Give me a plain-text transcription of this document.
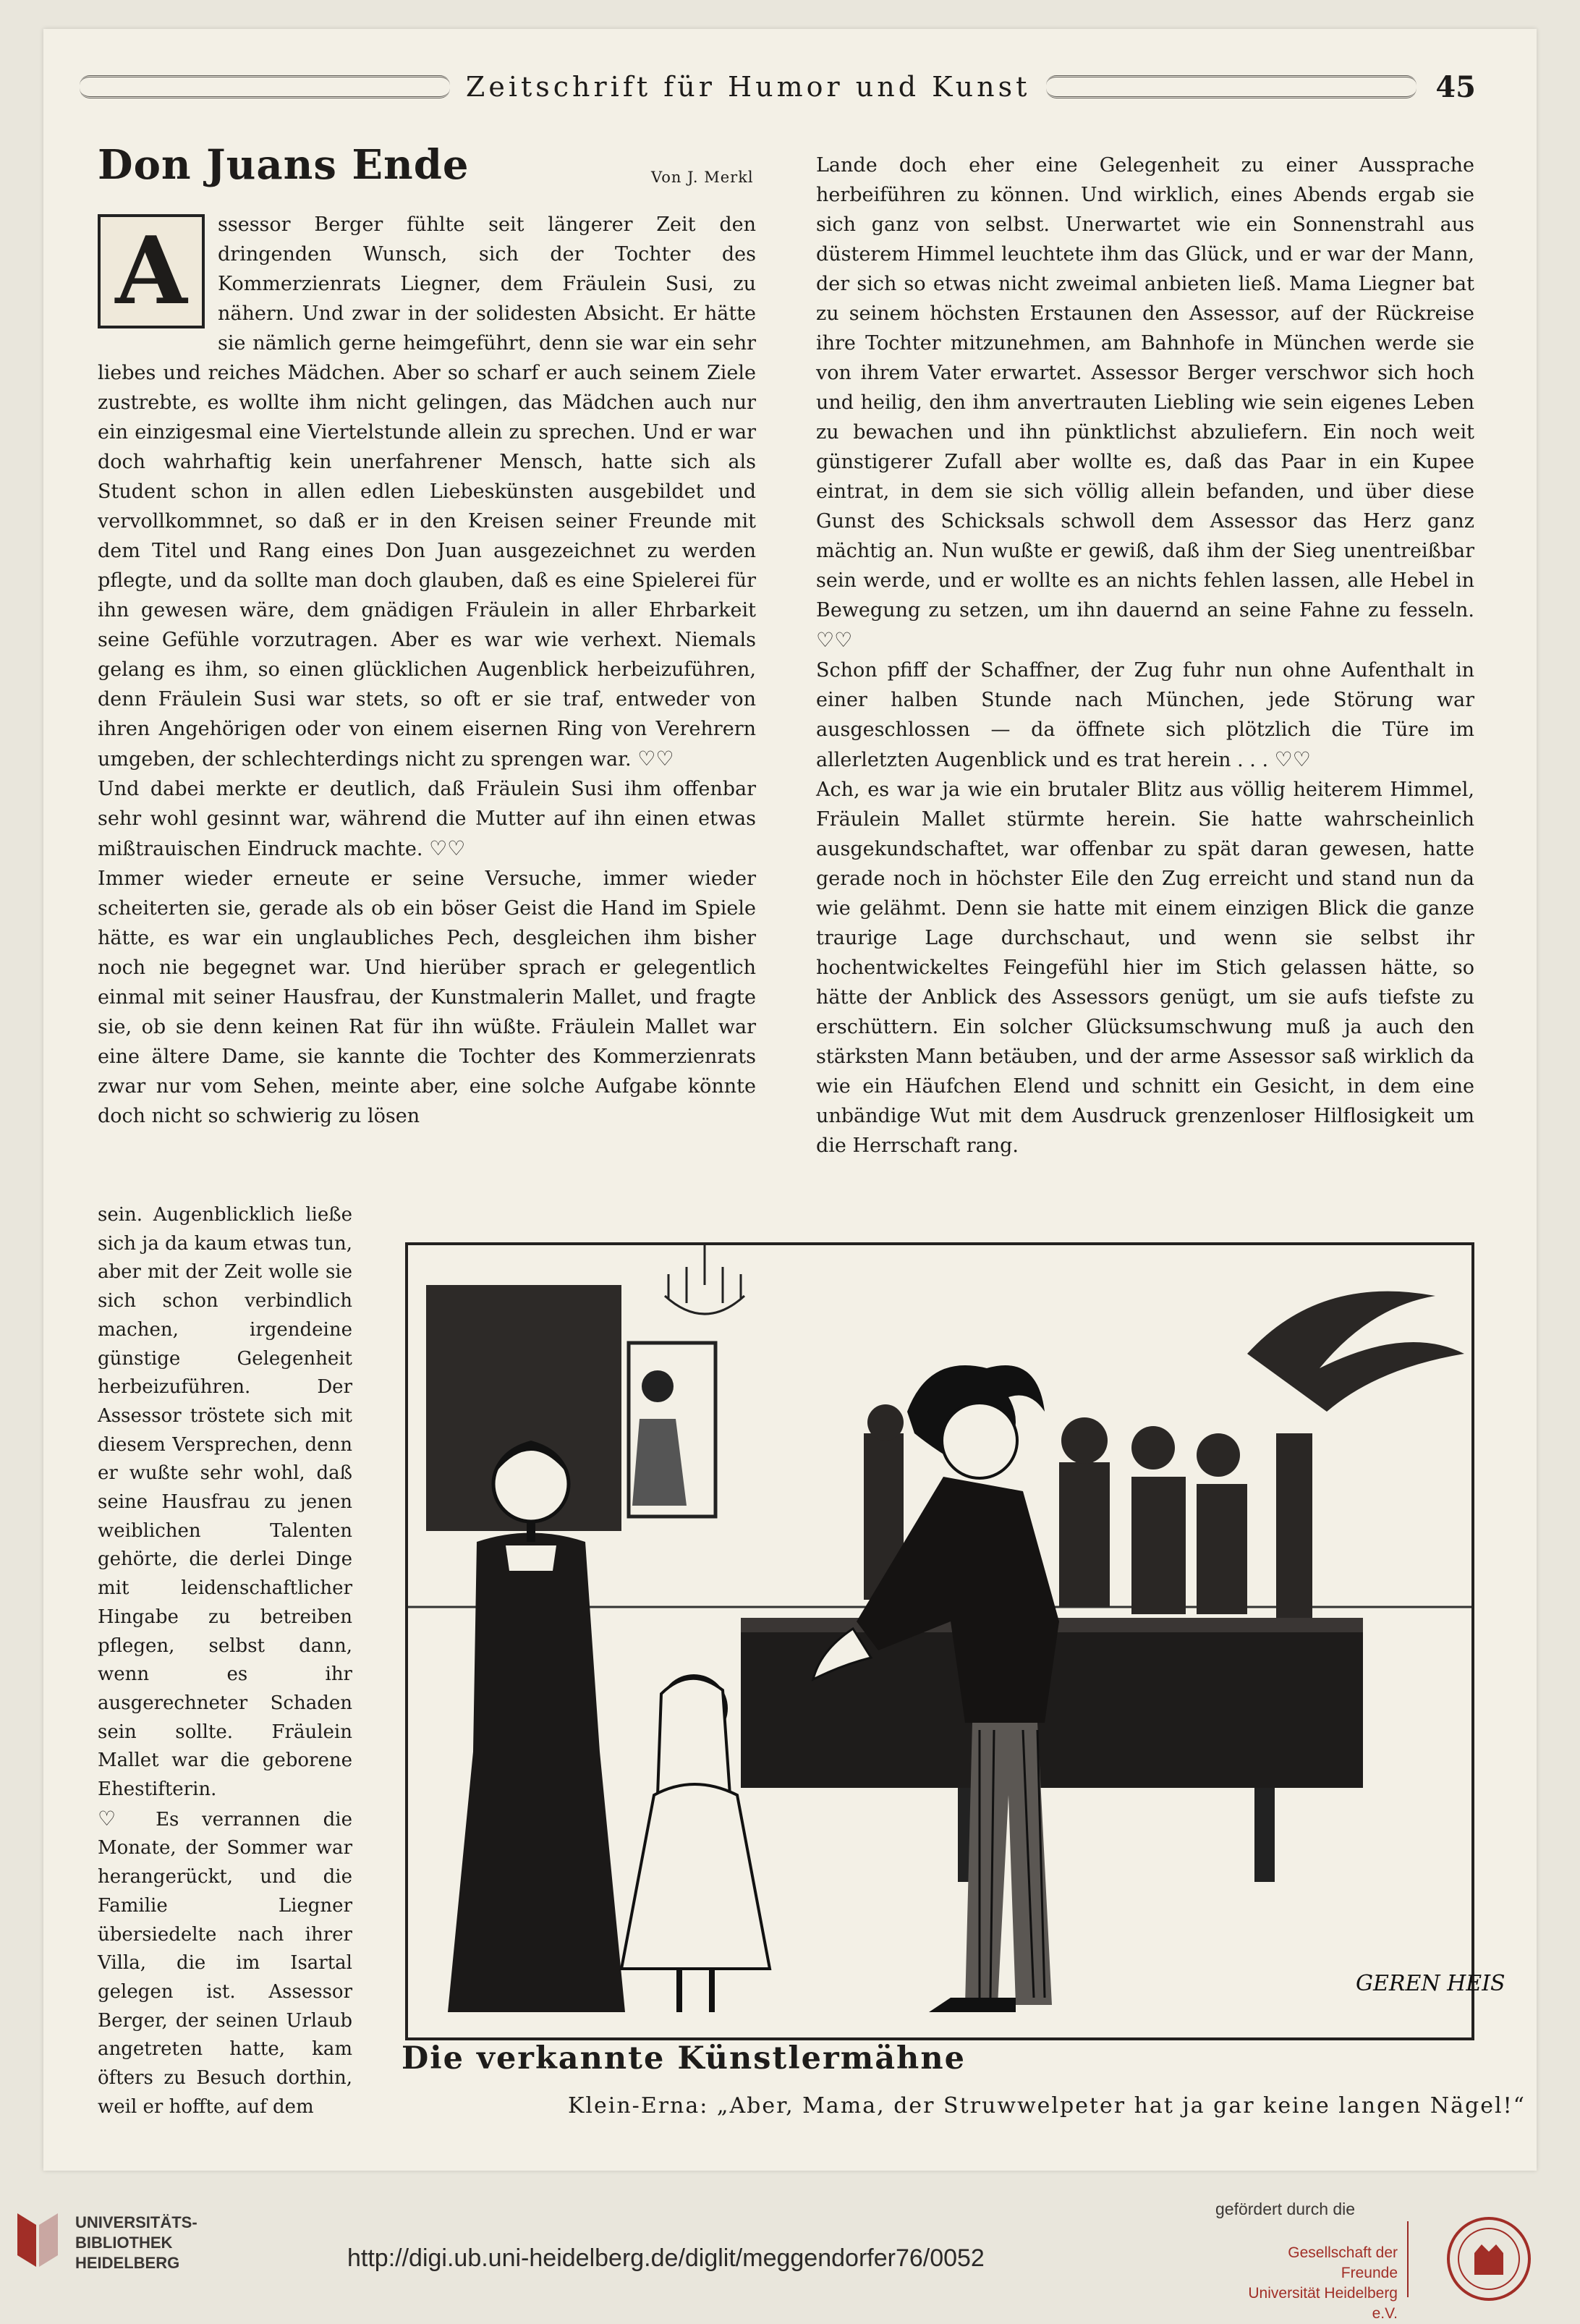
Zeitschrift für Humor und Kunst	45
Don Juans Ende	Von J. Merkl
A	ssessor Berger fühlte seit längerer Zeit den dringenden Wunsch, sich der Tochter des Kommerzienrats Liegner, dem Fräulein Susi, zu nähern. Und zwar in der solidesten Absicht. Er hätte sie nämlich gerne heimgeführt, denn sie war ein sehr liebes und reiches Mädchen. Aber so scharf er auch seinem Ziele zustrebte, es wollte ihm nicht gelingen, das Mädchen auch nur ein einzigesmal eine Viertelstunde allein zu sprechen. Und er war doch wahrhaftig kein unerfahrener Mensch, hatte sich als Student schon in allen edlen Liebeskünsten ausgebildet und vervollkommnet, so daß er in den Kreisen seiner Freunde mit dem Titel und Rang eines Don Juan ausgezeichnet zu werden pflegte, und da sollte man doch glauben, daß es eine Spielerei für ihn gewesen wäre, dem gnädigen Fräulein in aller Ehrbarkeit seine Gefühle vorzutragen. Aber es war wie verhext. Niemals gelang es ihm, so einen glücklichen Augenblick herbeizuführen, denn Fräulein Susi war stets, so oft er sie traf, entweder von ihren Angehörigen oder von einem eisernen Ring von Verehrern umgeben, der schlechterdings nicht zu sprengen war. ♡♡

Und dabei merkte er deutlich, daß Fräulein Susi ihm offenbar sehr wohl gesinnt war, während die Mutter auf ihn einen etwas mißtrauischen Eindruck machte. ♡♡

Immer wieder erneute er seine Versuche, immer wieder scheiterten sie, gerade als ob ein böser Geist die Hand im Spiele hätte, es war ein unglaubliches Pech, desgleichen ihm bisher noch nie begegnet war. Und hierüber sprach er gelegentlich einmal mit seiner Hausfrau, der Kunstmalerin Mallet, und fragte sie, ob sie denn keinen Rat für ihn wüßte. Fräulein Mallet war eine ältere Dame, sie kannte die Tochter des Kommerzienrats zwar nur vom Sehen, meinte aber, eine solche Aufgabe könnte doch nicht so schwierig zu lösen

sein. Augenblicklich ließe sich ja da kaum etwas tun, aber mit der Zeit wolle sie sich schon verbindlich machen, irgendeine günstige Gelegenheit herbeizuführen. Der Assessor tröstete sich mit diesem Versprechen, denn er wußte sehr wohl, daß seine Hausfrau zu jenen weiblichen Talenten gehörte, die derlei Dinge mit leidenschaftlicher Hingabe zu betreiben pflegen, selbst dann, wenn es ihr ausgerechneter Schaden sein sollte. Fräulein Mallet war die geborene Ehestifterin.

♡ Es verrannen die Monate, der Sommer war herangerückt, und die Familie Liegner übersiedelte nach ihrer Villa, die im Isartal gelegen ist. Assessor Berger, der seinen Urlaub angetreten hatte, kam öfters zu Besuch dorthin, weil er hoffte, auf dem

Lande doch eher eine Gelegenheit zu einer Aussprache herbeiführen zu können. Und wirklich, eines Abends ergab sie sich ganz von selbst. Unerwartet wie ein Sonnenstrahl aus düsterem Himmel leuchtete ihm das Glück, und er war der Mann, der sich so etwas nicht zweimal anbieten ließ. Mama Liegner bat zu seinem höchsten Erstaunen den Assessor, auf der Rückreise ihre Tochter mitzunehmen, am Bahnhofe in München werde sie von ihrem Vater erwartet. Assessor Berger verschwor sich hoch und heilig, den ihm anvertrauten Liebling wie sein eigenes Leben zu bewachen und ihn pünktlichst abzuliefern. Ein noch weit günstigerer Zufall aber wollte es, daß das Paar in ein Kupee eintrat, in dem sie sich völlig allein befanden, und über diese Gunst des Schicksals schwoll dem Assessor das Herz ganz mächtig an. Nun wußte er gewiß, daß ihm der Sieg unentreißbar sein werde, und er wollte es an nichts fehlen lassen, alle Hebel in Bewegung zu setzen, um ihn dauernd an seine Fahne zu fesseln. ♡♡

Schon pfiff der Schaffner, der Zug fuhr nun ohne Aufenthalt in einer halben Stunde nach München, jede Störung war ausgeschlossen — da öffnete sich plötzlich die Türe im allerletzten Augenblick und es trat herein . . . ♡♡

Ach, es war ja wie ein brutaler Blitz aus völlig heiterem Himmel, Fräulein Mallet stürmte herein. Sie hatte wahrscheinlich ausgekundschaftet, war offenbar zu spät daran gewesen, hatte gerade noch in höchster Eile den Zug erreicht und stand nun da wie gelähmt. Denn sie hatte mit einem einzigen Blick die ganze traurige Lage durchschaut, und wenn sie selbst ihr hochentwickeltes Feingefühl hier im Stich gelassen hätte, so hätte der Anblick des Assessors genügt, um sie aufs tiefste zu erschüttern. Ein solcher Glücksumschwung muß ja auch den stärksten Mann betäuben, und der arme Assessor saß wirklich da wie ein Häufchen Elend und schnitt ein Gesicht, in dem eine unbändige Wut mit dem Ausdruck grenzenloser Hilflosigkeit um die Herrschaft rang.

GEREN HEIS
Die verkannte Künstlermähne
Klein-Erna: „Aber, Mama, der Struwwelpeter hat ja gar keine langen Nägel!“
UNIVERSITÄTS-
BIBLIOTHEK
HEIDELBERG	http://digi.ub.uni-heidelberg.de/diglit/meggendorfer76/0052
gefördert durch die
Gesellschaft der Freunde
Universität Heidelberg e.V.
